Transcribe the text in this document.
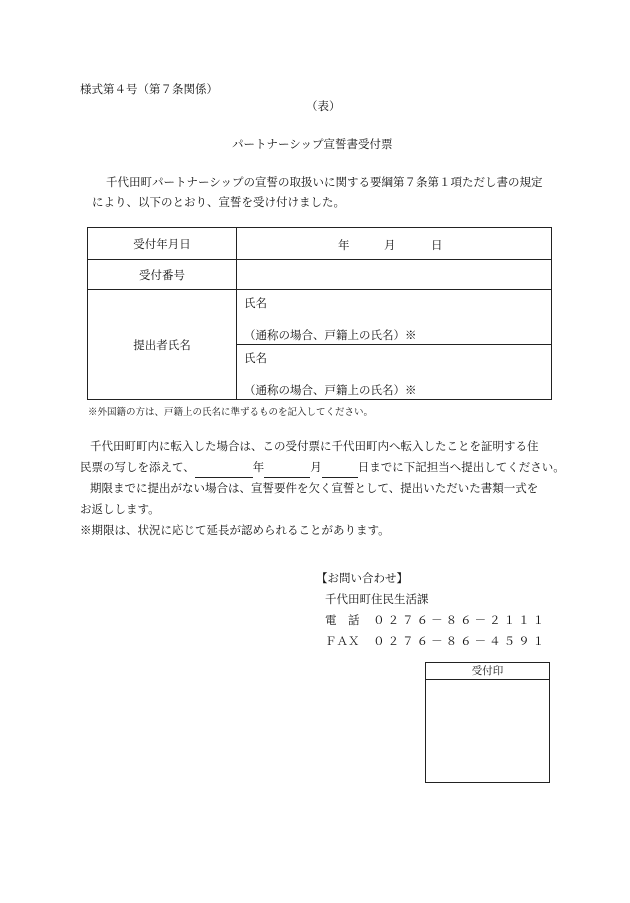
様式第４号（第７条関係）
（表）
パートナーシップ宣誓書受付票
千代田町パートナーシップの宣誓の取扱いに関する要綱第７条第１項ただし書の規定
により、以下のとおり、宣誓を受け付けました。
受付年月日	年 月 日

受付番号	
提出者氏名	氏名
（通称の場合、戸籍上の氏名）※
氏名
（通称の場合、戸籍上の氏名）※
※外国籍の方は、戸籍上の氏名に準ずるものを記入してください。
千代田町町内に転入した場合は、この受付票に千代田町内へ転入したことを証明する住
民票の写しを添えて、	年	月	日までに下記担当へ提出してください。
期限までに提出がない場合は、宣誓要件を欠く宣誓として、提出いただいた書類一式を
お返しします。
※期限は、状況に応じて延長が認められることがあります。
【お問い合わせ】
千代田町住民生活課
電　話 ０２７６－８６－２１１１
ＦＡＸ ０２７６－８６－４５９１
受付印
